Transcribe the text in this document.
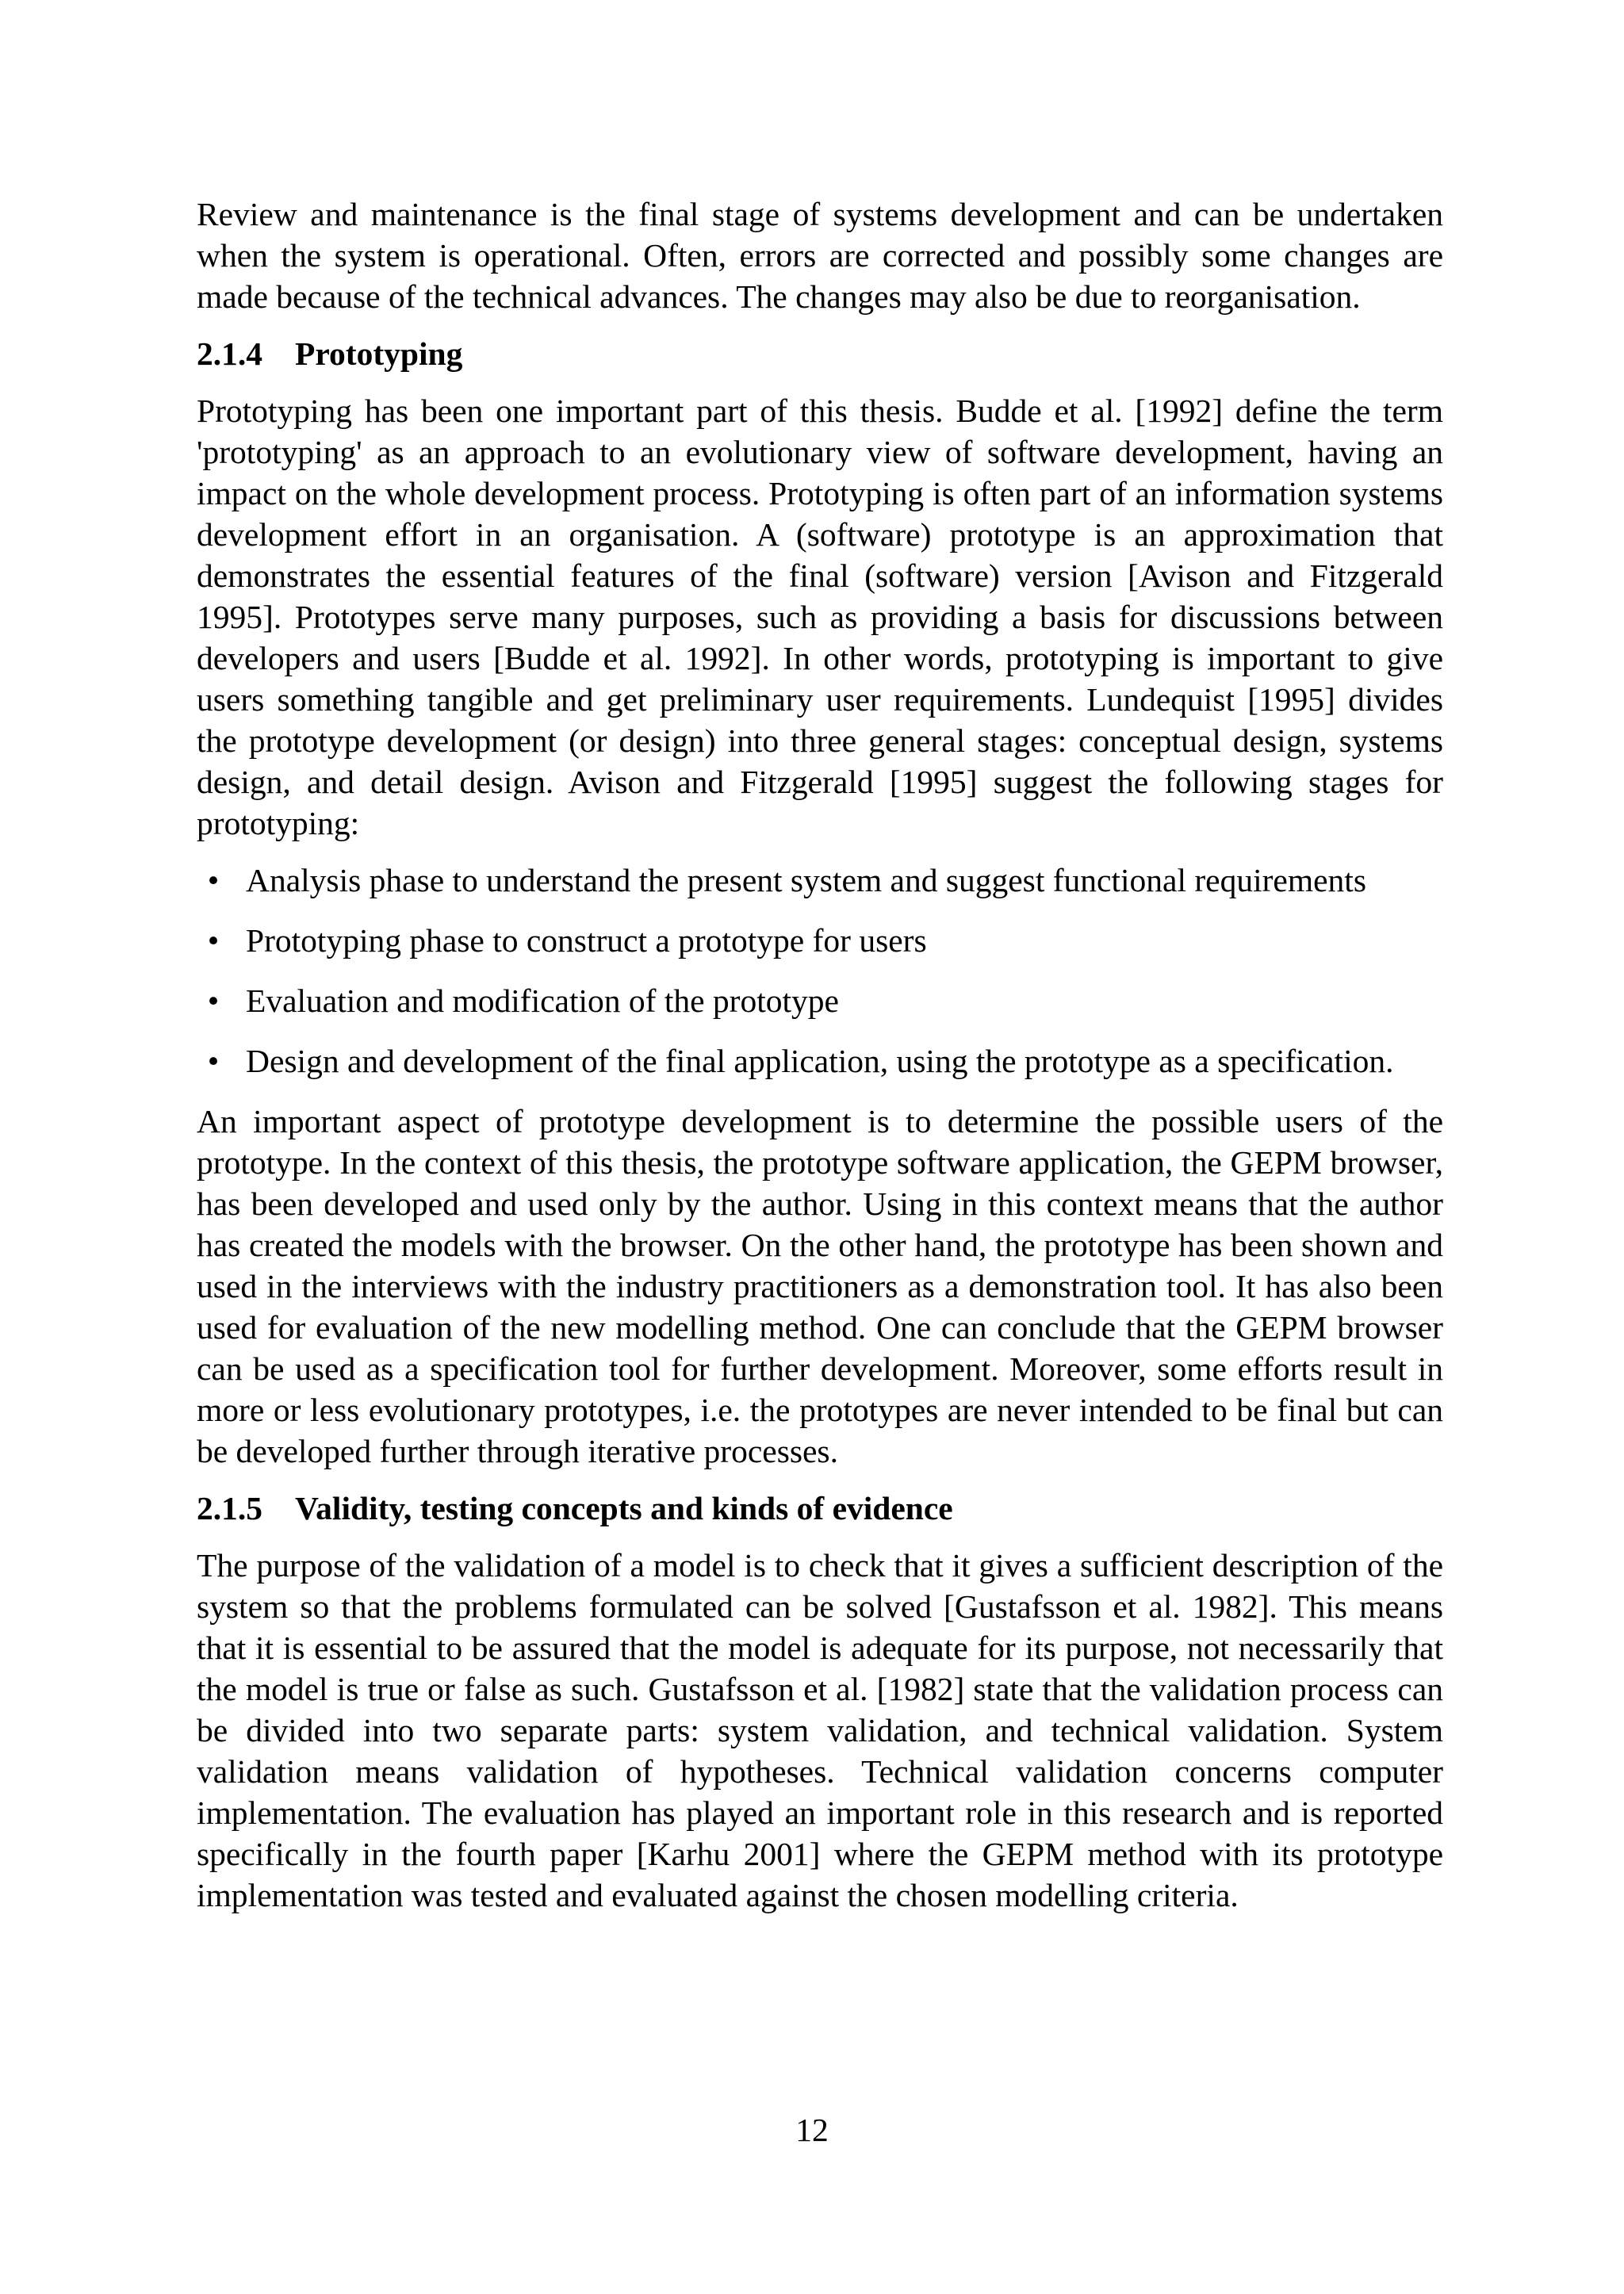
Review and maintenance is the final stage of systems development and can be undertaken when the system is operational. Often, errors are corrected and possibly some changes are made because of the technical advances. The changes may also be due to reorganisation.

2.1.4 Prototyping

Prototyping has been one important part of this thesis. Budde et al. [1992] define the term 'prototyping' as an approach to an evolutionary view of software development, having an impact on the whole development process. Prototyping is often part of an information systems development effort in an organisation. A (software) prototype is an approximation that demonstrates the essential features of the final (software) version [Avison and Fitzgerald 1995]. Prototypes serve many purposes, such as providing a basis for discussions between developers and users [Budde et al. 1992]. In other words, prototyping is important to give users something tangible and get preliminary user requirements. Lundequist [1995] divides the prototype development (or design) into three general stages: conceptual design, systems design, and detail design. Avison and Fitzgerald [1995] suggest the following stages for prototyping:

• Analysis phase to understand the present system and suggest functional requirements
• Prototyping phase to construct a prototype for users
• Evaluation and modification of the prototype
• Design and development of the final application, using the prototype as a specification.

An important aspect of prototype development is to determine the possible users of the prototype. In the context of this thesis, the prototype software application, the GEPM browser, has been developed and used only by the author. Using in this context means that the author has created the models with the browser. On the other hand, the prototype has been shown and used in the interviews with the industry practitioners as a demonstration tool. It has also been used for evaluation of the new modelling method. One can conclude that the GEPM browser can be used as a specification tool for further development. Moreover, some efforts result in more or less evolutionary prototypes, i.e. the prototypes are never intended to be final but can be developed further through iterative processes.

2.1.5 Validity, testing concepts and kinds of evidence

The purpose of the validation of a model is to check that it gives a sufficient description of the system so that the problems formulated can be solved [Gustafsson et al. 1982]. This means that it is essential to be assured that the model is adequate for its purpose, not necessarily that the model is true or false as such. Gustafsson et al. [1982] state that the validation process can be divided into two separate parts: system validation, and technical validation. System validation means validation of hypotheses. Technical validation concerns computer implementation. The evaluation has played an important role in this research and is reported specifically in the fourth paper [Karhu 2001] where the GEPM method with its prototype implementation was tested and evaluated against the chosen modelling criteria.

12
